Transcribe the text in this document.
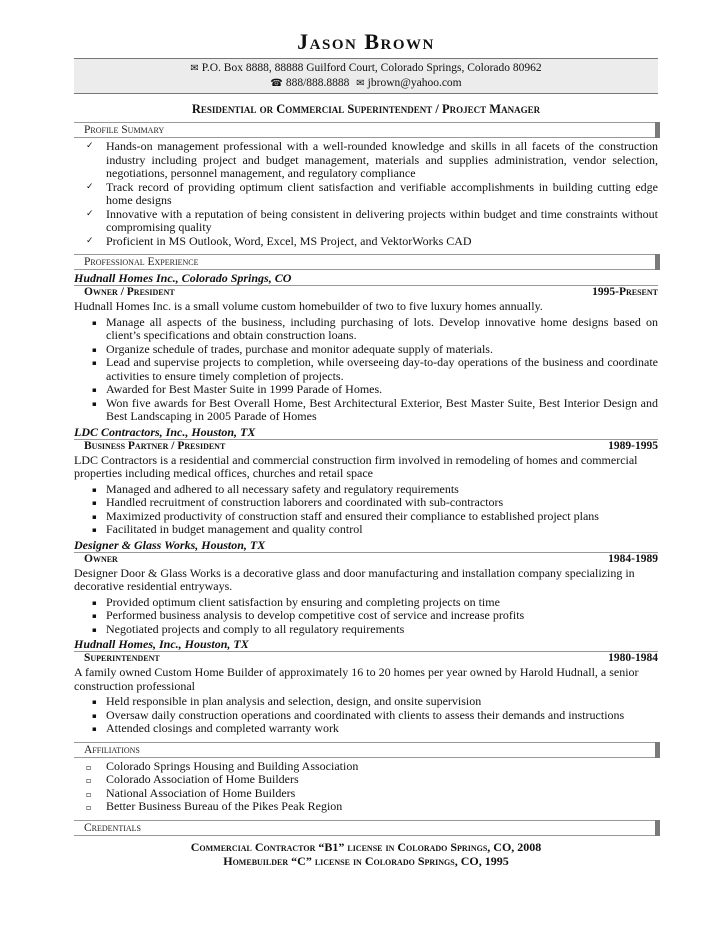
Jason Brown
✉ P.O. Box 8888, 88888 Guilford Court, Colorado Springs, Colorado 80962
☎ 888/888.8888 ✉ jbrown@yahoo.com
Residential or Commercial Superintendent / Project Manager
Profile Summary
✓ Hands-on management professional with a well-rounded knowledge and skills in all facets of the construction industry including project and budget management, materials and supplies administration, vendor selection, negotiations, personnel management, and regulatory compliance
✓ Track record of providing optimum client satisfaction and verifiable accomplishments in building cutting edge home designs
✓ Innovative with a reputation of being consistent in delivering projects within budget and time constraints without compromising quality
✓ Proficient in MS Outlook, Word, Excel, MS Project, and VektorWorks CAD
Professional Experience
Hudnall Homes Inc., Colorado Springs, CO
Owner / President	1995-Present
Hudnall Homes Inc. is a small volume custom homebuilder of two to five luxury homes annually.
▪ Manage all aspects of the business, including purchasing of lots. Develop innovative home designs based on client’s specifications and obtain construction loans.
▪ Organize schedule of trades, purchase and monitor adequate supply of materials.
▪ Lead and supervise projects to completion, while overseeing day-to-day operations of the business and coordinate activities to ensure timely completion of projects.
▪ Awarded for Best Master Suite in 1999 Parade of Homes.
▪ Won five awards for Best Overall Home, Best Architectural Exterior, Best Master Suite, Best Interior Design and Best Landscaping in 2005 Parade of Homes
LDC Contractors, Inc., Houston, TX
Business Partner / President	1989-1995
LDC Contractors is a residential and commercial construction firm involved in remodeling of homes and commercial properties including medical offices, churches and retail space
▪ Managed and adhered to all necessary safety and regulatory requirements
▪ Handled recruitment of construction laborers and coordinated with sub-contractors
▪ Maximized productivity of construction staff and ensured their compliance to established project plans
▪ Facilitated in budget management and quality control
Designer & Glass Works, Houston, TX
Owner	1984-1989
Designer Door & Glass Works is a decorative glass and door manufacturing and installation company specializing in decorative residential entryways.
▪ Provided optimum client satisfaction by ensuring and completing projects on time
▪ Performed business analysis to develop competitive cost of service and increase profits
▪ Negotiated projects and comply to all regulatory requirements
Hudnall Homes, Inc., Houston, TX
Superintendent	1980-1984
A family owned Custom Home Builder of approximately 16 to 20 homes per year owned by Harold Hudnall, a senior construction professional
▪ Held responsible in plan analysis and selection, design, and onsite supervision
▪ Oversaw daily construction operations and coordinated with clients to assess their demands and instructions
▪ Attended closings and completed warranty work
Affiliations
▫ Colorado Springs Housing and Building Association
▫ Colorado Association of Home Builders
▫ National Association of Home Builders
▫ Better Business Bureau of the Pikes Peak Region
Credentials
Commercial Contractor “B1” license in Colorado Springs, CO, 2008
Homebuilder “C” license in Colorado Springs, CO, 1995
